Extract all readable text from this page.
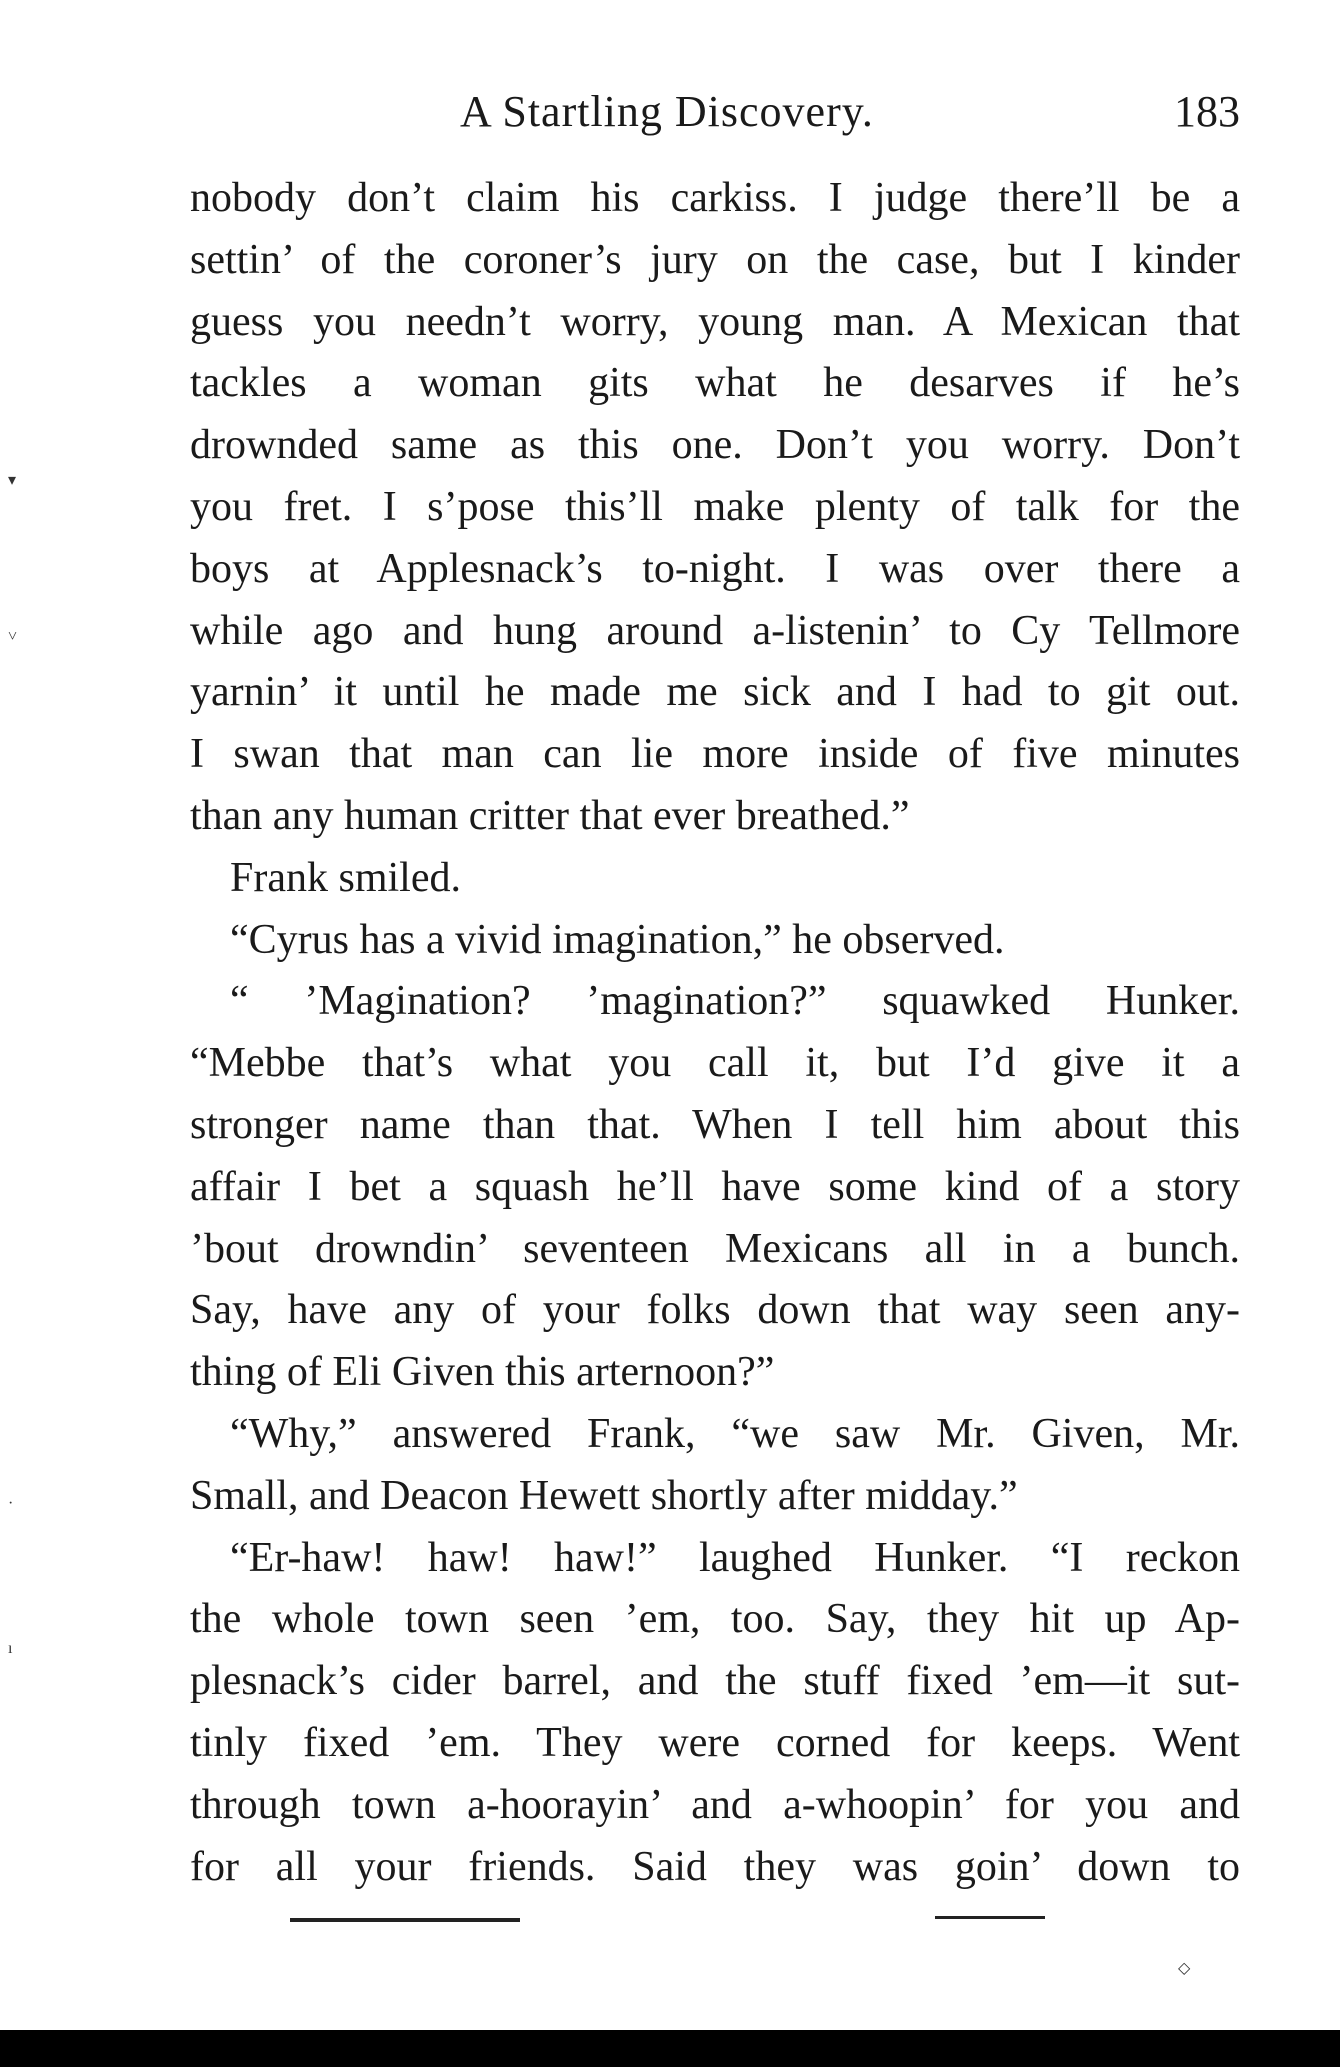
A Startling Discovery.	183
nobody don’t claim his carkiss. I judge there’ll be a
settin’ of the coroner’s jury on the case, but I kinder
guess you needn’t worry, young man. A Mexican that
tackles a woman gits what he desarves if he’s
drownded same as this one. Don’t you worry. Don’t
you fret. I s’pose this’ll make plenty of talk for the
boys at Applesnack’s to-night. I was over there a
while ago and hung around a-listenin’ to Cy Tellmore
yarnin’ it until he made me sick and I had to git out.
I swan that man can lie more inside of five minutes
than any human critter that ever breathed.”
Frank smiled.
“Cyrus has a vivid imagination,” he observed.
“ ’Magination? ’magination?” squawked Hunker.
“Mebbe that’s what you call it, but I’d give it a
stronger name than that. When I tell him about this
affair I bet a squash he’ll have some kind of a story
’bout drowndin’ seventeen Mexicans all in a bunch.
Say, have any of your folks down that way seen any-
thing of Eli Given this arternoon?”
“Why,” answered Frank, “we saw Mr. Given, Mr.
Small, and Deacon Hewett shortly after midday.”
“Er-haw! haw! haw!” laughed Hunker. “I reckon
the whole town seen ’em, too. Say, they hit up Ap-
plesnack’s cider barrel, and the stuff fixed ’em—it sut-
tinly fixed ’em. They were corned for keeps. Went
through town a-hoorayin’ and a-whoopin’ for you and
for all your friends. Said they was goin’ down to
▾
˅
·
ı
◇
